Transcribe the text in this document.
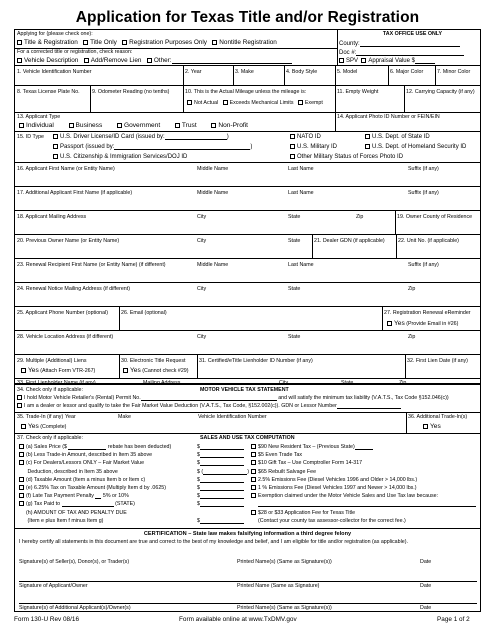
Application for Texas Title and/or Registration
Applying for (please check one):
Title & Registration Title Only Registration Purposes Only Nontitle Registration
For a corrected title or registration, check reason:
Vehicle Description Add/Remove Lien Other:
TAX OFFICE USE ONLY
County:
Doc #:
SPV Appraisal Value $
1. Vehicle Identification Number	2. Year	3. Make	4. Body Style	5. Model	6. Major Color	7. Minor Color
8. Texas License Plate No. 9. Odometer Reading (no tenths)	10. This is the Actual Mileage unless the mileage is:
Not Actual Exceeds Mechanical Limits Exempt
11. Empty Weight	12. Carrying Capacity (if any)
13. Applicant Type
Individual	Business	Government	Trust	Non-Profit
14. Applicant Photo ID Number or FEIN/EIN
15. ID Type	U.S. Driver License/ID Card (issued by:	)
Passport (issued by:	)
U.S. Citizenship & Immigration Services/DOJ ID
NATO ID
U.S. Military ID
Other Military Status of Forces Photo ID
U.S. Dept. of State ID
U.S. Dept. of Homeland Security ID
16. Applicant First Name (or Entity Name)	Middle Name	Last Name	Suffix (if any)
17. Additional Applicant First Name (if applicable)	Middle Name	Last Name	Suffix (if any)
18. Applicant Mailing Address	City	State	Zip	19. Owner County of Residence
20. Previous Owner Name (or Entity Name)	City	State	21. Dealer GDN (if applicable)	22. Unit No. (if applicable)
23. Renewal Recipient First Name (or Entity Name) (if different)	Middle Name	Last Name	Suffix (if any)
24. Renewal Notice Mailing Address (if different)	City	State	Zip
25. Applicant Phone Number (optional) 26. Email (optional)	27. Registration Renewal eReminder
Yes (Provide Email in #26)
28. Vehicle Location Address (if different)	City	State	Zip
29. Multiple (Additional) Liens
Yes (Attach Form VTR-267)
30. Electronic Title Request
Yes (Cannot check #29)
31. Certified/eTitle Lienholder ID Number (if any)	32. First Lien Date (if any)
33. First Lienholder Name (if any)	Mailing Address	City	State	Zip
34. Check only if applicable:	MOTOR VEHICLE TAX STATEMENT
I hold Motor Vehicle Retailer's (Rental) Permit No.	and will satisfy the minimum tax liability (V.A.T.S., Tax Code §152.046(c))
I am a dealer or lessor and qualify to take the Fair Market Value Deduction (V.A.T.S., Tax Code, §152.002(c)). GDN or Lessor Number
35. Trade-In (if any) Year	Make	Vehicle Identification Number
Yes (Complete)
36. Additional Trade-In(s)
Yes
37. Check only if applicable:	SALES AND USE TAX COMPUTATION
(a) Sales Price ($	rebate has been deducted)	$
(b) Less Trade-in Amount, described in Item 35 above	$
(c) For Dealers/Lessors ONLY – Fair Market Value	$
Deduction, described in Item 35 above	$ (	)
(d) Taxable Amount (Item a minus Item b or Item c)	$
(e) 6.25% Tax on Taxable Amount (Multiply Item d by .0625)	$
(f) Late Tax Payment Penalty 5% or 10%	$
(g) Tax Paid to	(STATE)	$
(h) AMOUNT OF TAX AND PENALTY DUE
(Item e plus Item f minus Item g)	$
$90 New Resident Tax – (Previous State)
$5 Even Trade Tax
$10 Gift Tax – Use Comptroller Form 14-317
$65 Rebuilt Salvage Fee
2.5% Emissions Fee (Diesel Vehicles 1996 and Older > 14,000 lbs.)
1 % Emissions Fee (Diesel Vehicles 1997 and Newer > 14,000 lbs.)
Exemption claimed under the Motor Vehicle Sales and Use Tax law because:
$28 or $33 Application Fee for Texas Title
(Contact your county tax assessor-collector for the correct fee.)
CERTIFICATION – State law makes falsifying information a third degree felony
I hereby certify all statements in this document are true and correct to the best of my knowledge and belief, and I am eligible for title and/or registration (as applicable).
Signature(s) of Seller(s), Donor(s), or Trader(s)	Printed Name(s) (Same as Signature(s))	Date
Signature of Applicant/Owner	Printed Name (Same as Signature)	Date
Signature(s) of Additional Applicant(s)/Owner(s)	Printed Name(s) (Same as Signature(s))	Date
Form 130-U Rev 08/16	Form available online at www.TxDMV.gov	Page 1 of 2
